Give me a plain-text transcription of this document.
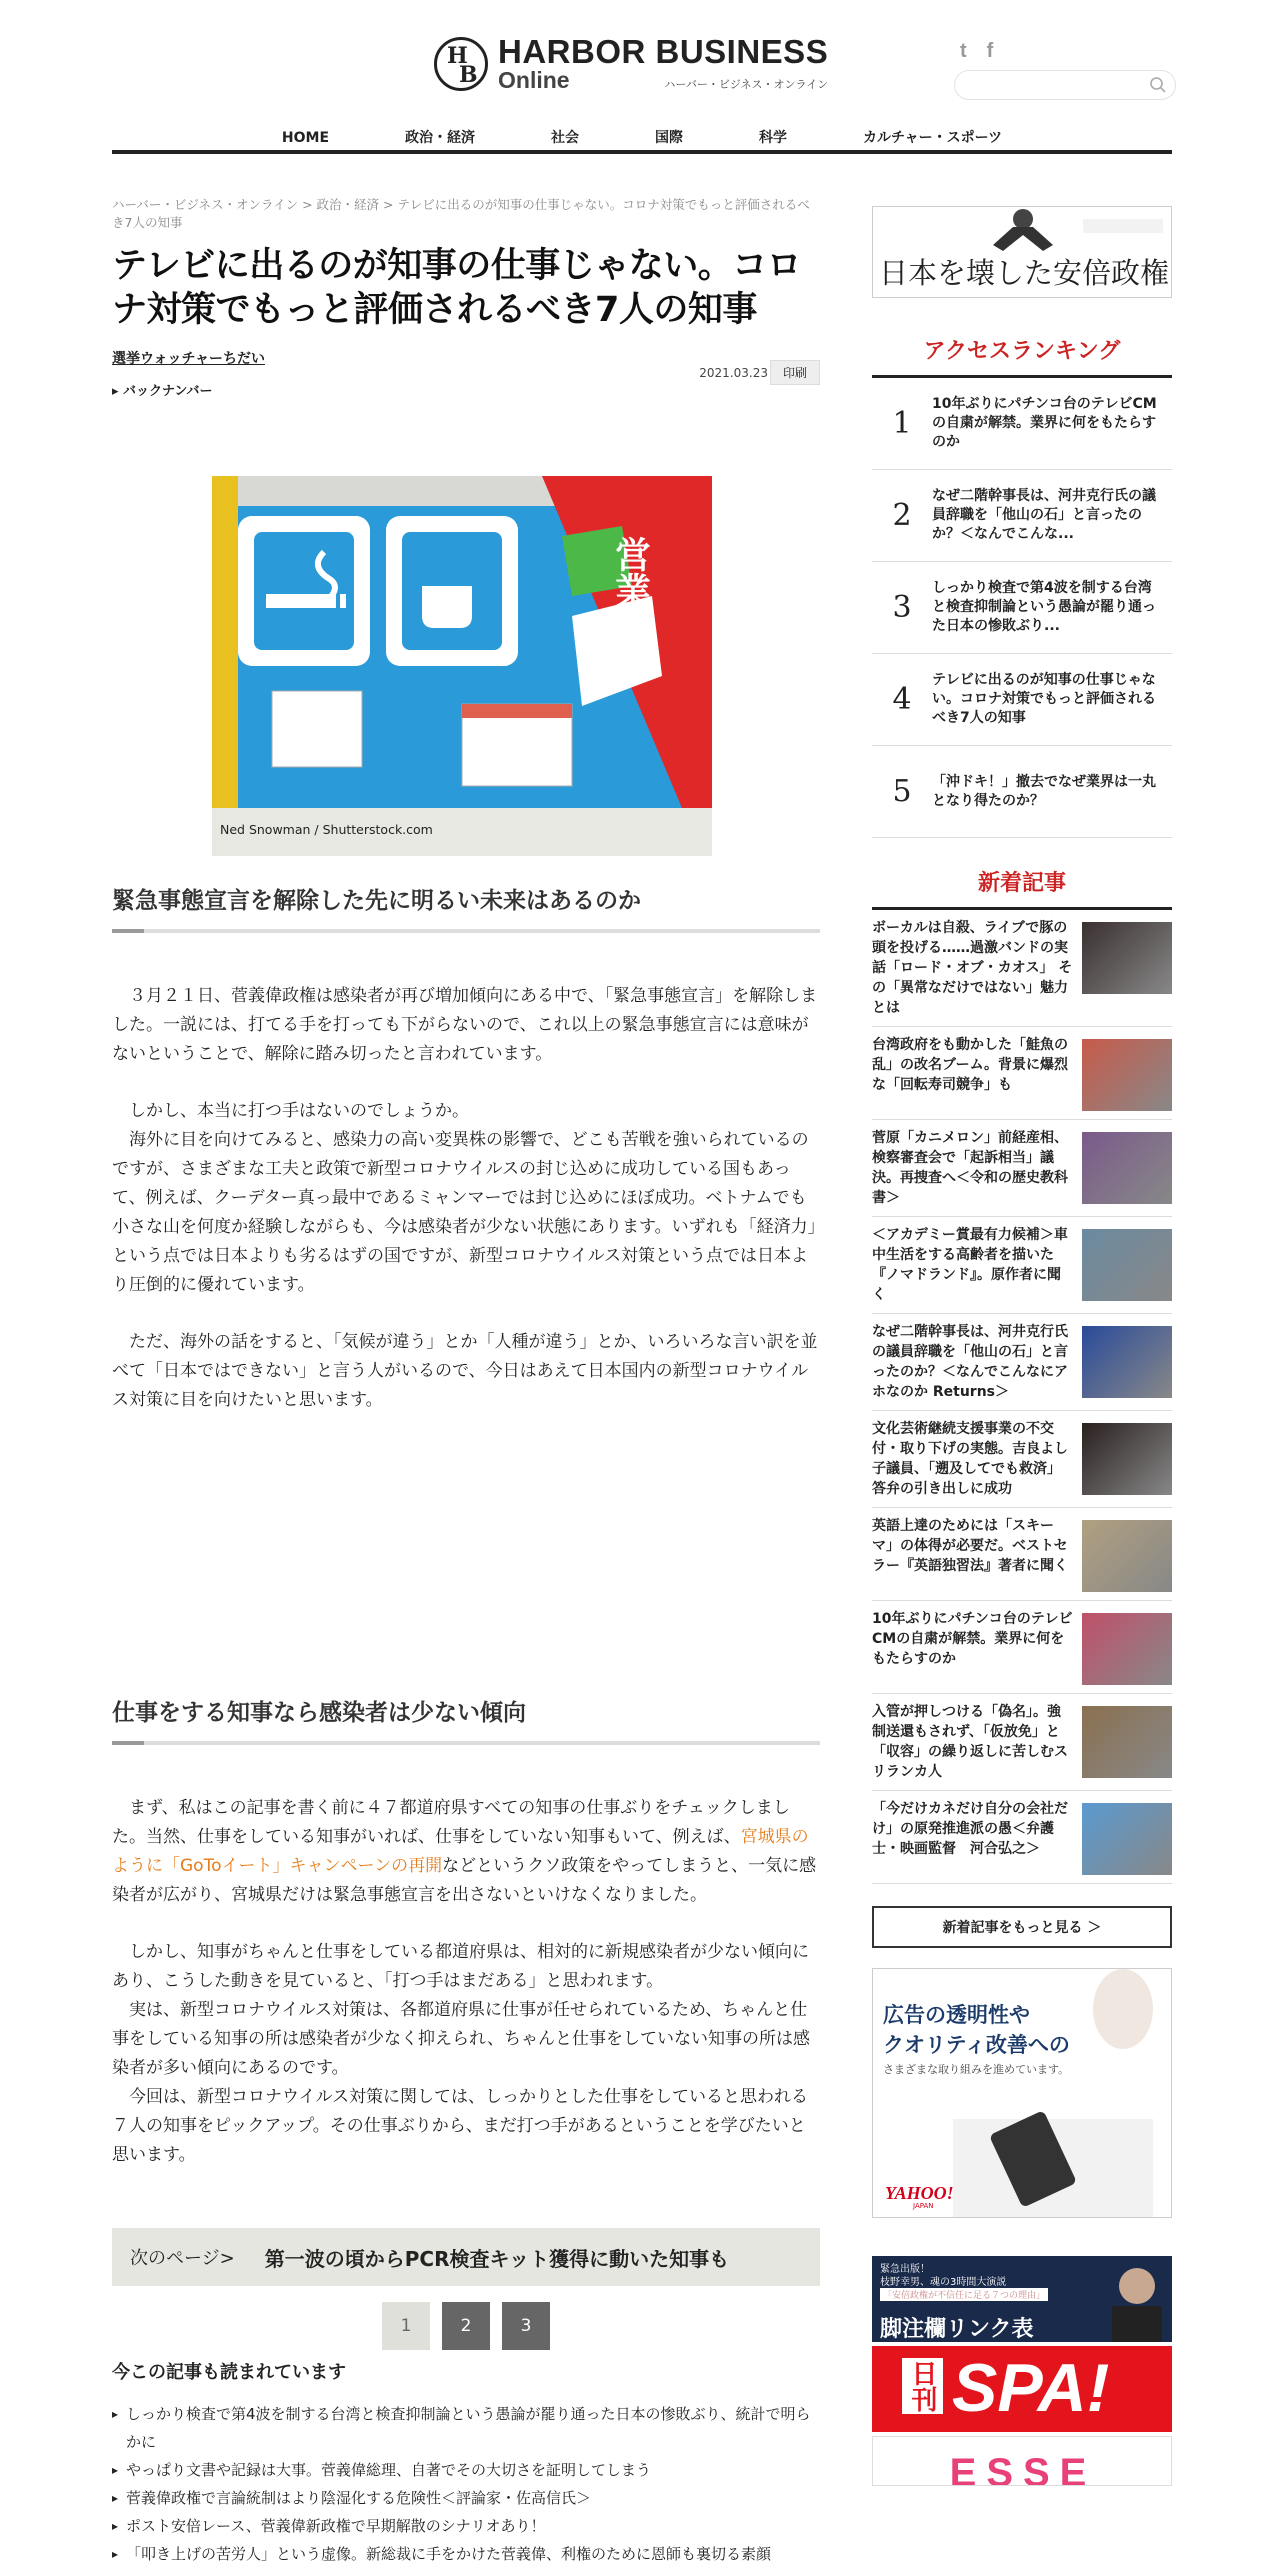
H
B
HARBOR BUSINESS
Online	ハーバー・ビジネス・オンライン
t f
HOME	政治・経済	社会	国際	科学	カルチャー・スポーツ
ハーバー・ビジネス・オンライン > 政治・経済 > テレビに出るのが知事の仕事じゃない。コロナ対策でもっと評価されるべき7人の知事
テレビに出るのが知事の仕事じゃない。コロナ対策でもっと評価されるべき7人の知事
選挙ウォッチャーちだい
▸ バックナンバー
2021.03.23	印刷
営業中
Ned Snowman / Shutterstock.com
緊急事態宣言を解除した先に明るい未来はあるのか

３月２１日、菅義偉政権は感染者が再び増加傾向にある中で、「緊急事態宣言」を解除しました。一説には、打てる手を打っても下がらないので、これ以上の緊急事態宣言には意味がないということで、解除に踏み切ったと言われています。

しかし、本当に打つ手はないのでしょうか。

海外に目を向けてみると、感染力の高い変異株の影響で、どこも苦戦を強いられているのですが、さまざまな工夫と政策で新型コロナウイルスの封じ込めに成功している国もあって、例えば、クーデター真っ最中であるミャンマーでは封じ込めにほぼ成功。ベトナムでも小さな山を何度か経験しながらも、今は感染者が少ない状態にあります。いずれも「経済力」という点では日本よりも劣るはずの国ですが、新型コロナウイルス対策という点では日本より圧倒的に優れています。

ただ、海外の話をすると、「気候が違う」とか「人種が違う」とか、いろいろな言い訳を並べて「日本ではできない」と言う人がいるので、今日はあえて日本国内の新型コロナウイルス対策に目を向けたいと思います。

仕事をする知事なら感染者は少ない傾向

まず、私はこの記事を書く前に４７都道府県すべての知事の仕事ぶりをチェックしました。当然、仕事をしている知事がいれば、仕事をしていない知事もいて、例えば、宮城県のように「GoToイート」キャンペーンの再開などというクソ政策をやってしまうと、一気に感染者が広がり、宮城県だけは緊急事態宣言を出さないといけなくなりました。

しかし、知事がちゃんと仕事をしている都道府県は、相対的に新規感染者が少ない傾向にあり、こうした動きを見ていると、「打つ手はまだある」と思われます。

実は、新型コロナウイルス対策は、各都道府県に仕事が任せられているため、ちゃんと仕事をしている知事の所は感染者が少なく抑えられ、ちゃんと仕事をしていない知事の所は感染者が多い傾向にあるのです。

今回は、新型コロナウイルス対策に関しては、しっかりとした仕事をしていると思われる７人の知事をピックアップ。その仕事ぶりから、まだ打つ手があるということを学びたいと思います。

次のページ> 第一波の頃からPCR検査キット獲得に動いた知事も
1	2	3
今この記事も読まれています
▸ しっかり検査で第4波を制する台湾と検査抑制論という愚論が罷り通った日本の惨敗ぶり、統計で明らかに
▸ やっぱり文書や記録は大事。菅義偉総理、自著でその大切さを証明してしまう
▸ 菅義偉政権で言論統制はより陰湿化する危険性＜評論家・佐高信氏＞
▸ ポスト安倍レース、菅義偉新政権で早期解散のシナリオあり！
▸ 「叩き上げの苦労人」という虚像。新総裁に手をかけた菅義偉、利権のために恩師も裏切る素顔
日本を壊した安倍政権
アクセスランキング
1
10年ぶりにパチンコ台のテレビCMの自粛が解禁。業界に何をもたらすのか
2
なぜ二階幹事長は、河井克行氏の議員辞職を「他山の石」と言ったのか？＜なんでこんな...
3
しっかり検査で第4波を制する台湾と検査抑制論という愚論が罷り通った日本の惨敗ぶり...
4
テレビに出るのが知事の仕事じゃない。コロナ対策でもっと評価されるべき7人の知事
5	「沖ドキ！」撤去でなぜ業界は一丸となり得たのか？
新着記事
ボーカルは自殺、ライブで豚の頭を投げる……過激バンドの実話「ロード・オブ・カオス」 その「異常なだけではない」魅力とは
台湾政府をも動かした「鮭魚の乱」の改名ブーム。背景に爆烈な「回転寿司競争」も
菅原「カニメロン」前経産相、検察審査会で「起訴相当」議決。再捜査へ＜令和の歴史教科書＞
＜アカデミー賞最有力候補＞車中生活をする高齢者を描いた『ノマドランド』。原作者に聞く
なぜ二階幹事長は、河井克行氏の議員辞職を「他山の石」と言ったのか？＜なんでこんなにアホなのか Returns＞
文化芸術継続支援事業の不交付・取り下げの実態。吉良よし子議員、「遡及してでも救済」答弁の引き出しに成功
英語上達のためには「スキーマ」の体得が必要だ。ベストセラー『英語独習法』著者に聞く
10年ぶりにパチンコ台のテレビCMの自粛が解禁。業界に何をもたらすのか
入管が押しつける「偽名」。強制送還もされず、「仮放免」と「収容」の繰り返しに苦しむスリランカ人
「今だけカネだけ自分の会社だけ」の原発推進派の愚＜弁護士・映画監督　河合弘之＞
新着記事をもっと見る ＞
広告の透明性や
クオリティ改善への
さまざまな取り組みを進めています。
YAHOO!
JAPAN
緊急出版！
枝野幸男、魂の3時間大演説
「安倍政権が不信任に足る７つの理由」
脚注欄リンク表
日刊 SPA!
ESSE
